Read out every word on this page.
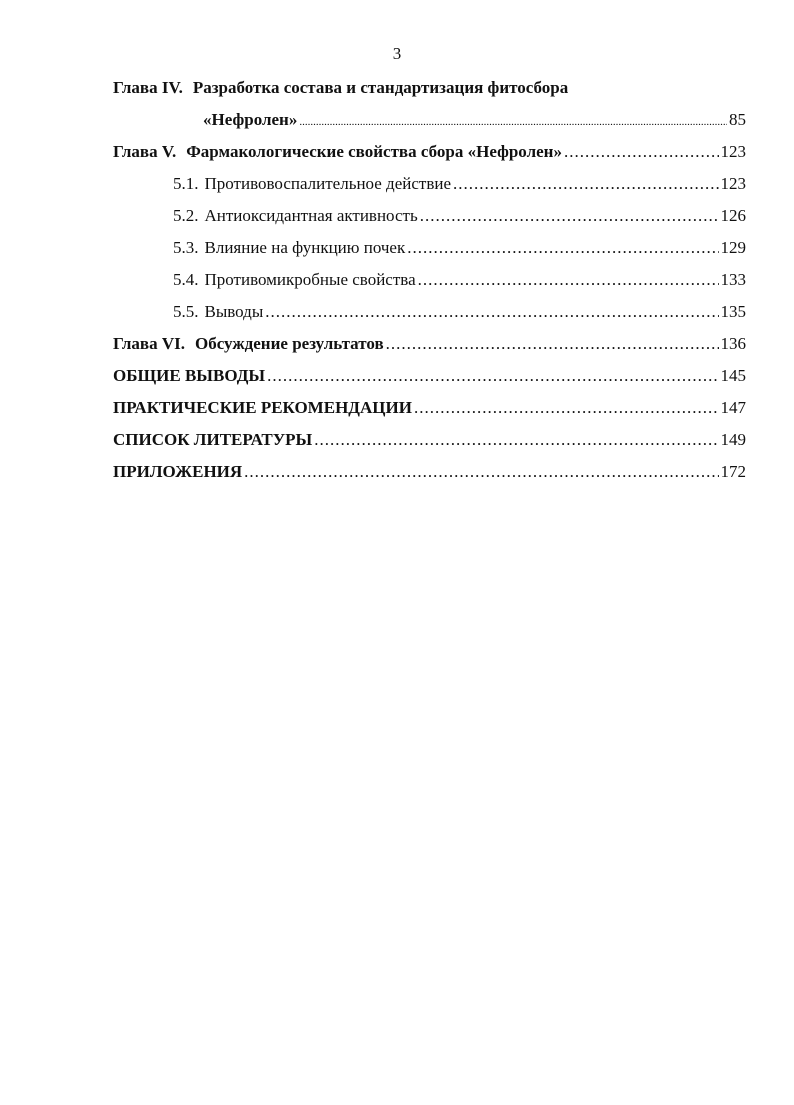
3
Глава IV. Разработка состава и стандартизация фитосбора
«Нефролен» .....	85
Глава V. Фармакологические свойства сбора «Нефролен» .....	123
5.1. Противовоспалительное действие .....	123
5.2. Антиоксидантная активность .....	126
5.3. Влияние на функцию почек .....	129
5.4. Противомикробные свойства .....	133
5.5. Выводы .....	135
Глава VI. Обсуждение результатов .....	136
ОБЩИЕ ВЫВОДЫ .....	145
ПРАКТИЧЕСКИЕ РЕКОМЕНДАЦИИ .....	147
СПИСОК ЛИТЕРАТУРЫ .....	149
ПРИЛОЖЕНИЯ .....	172
